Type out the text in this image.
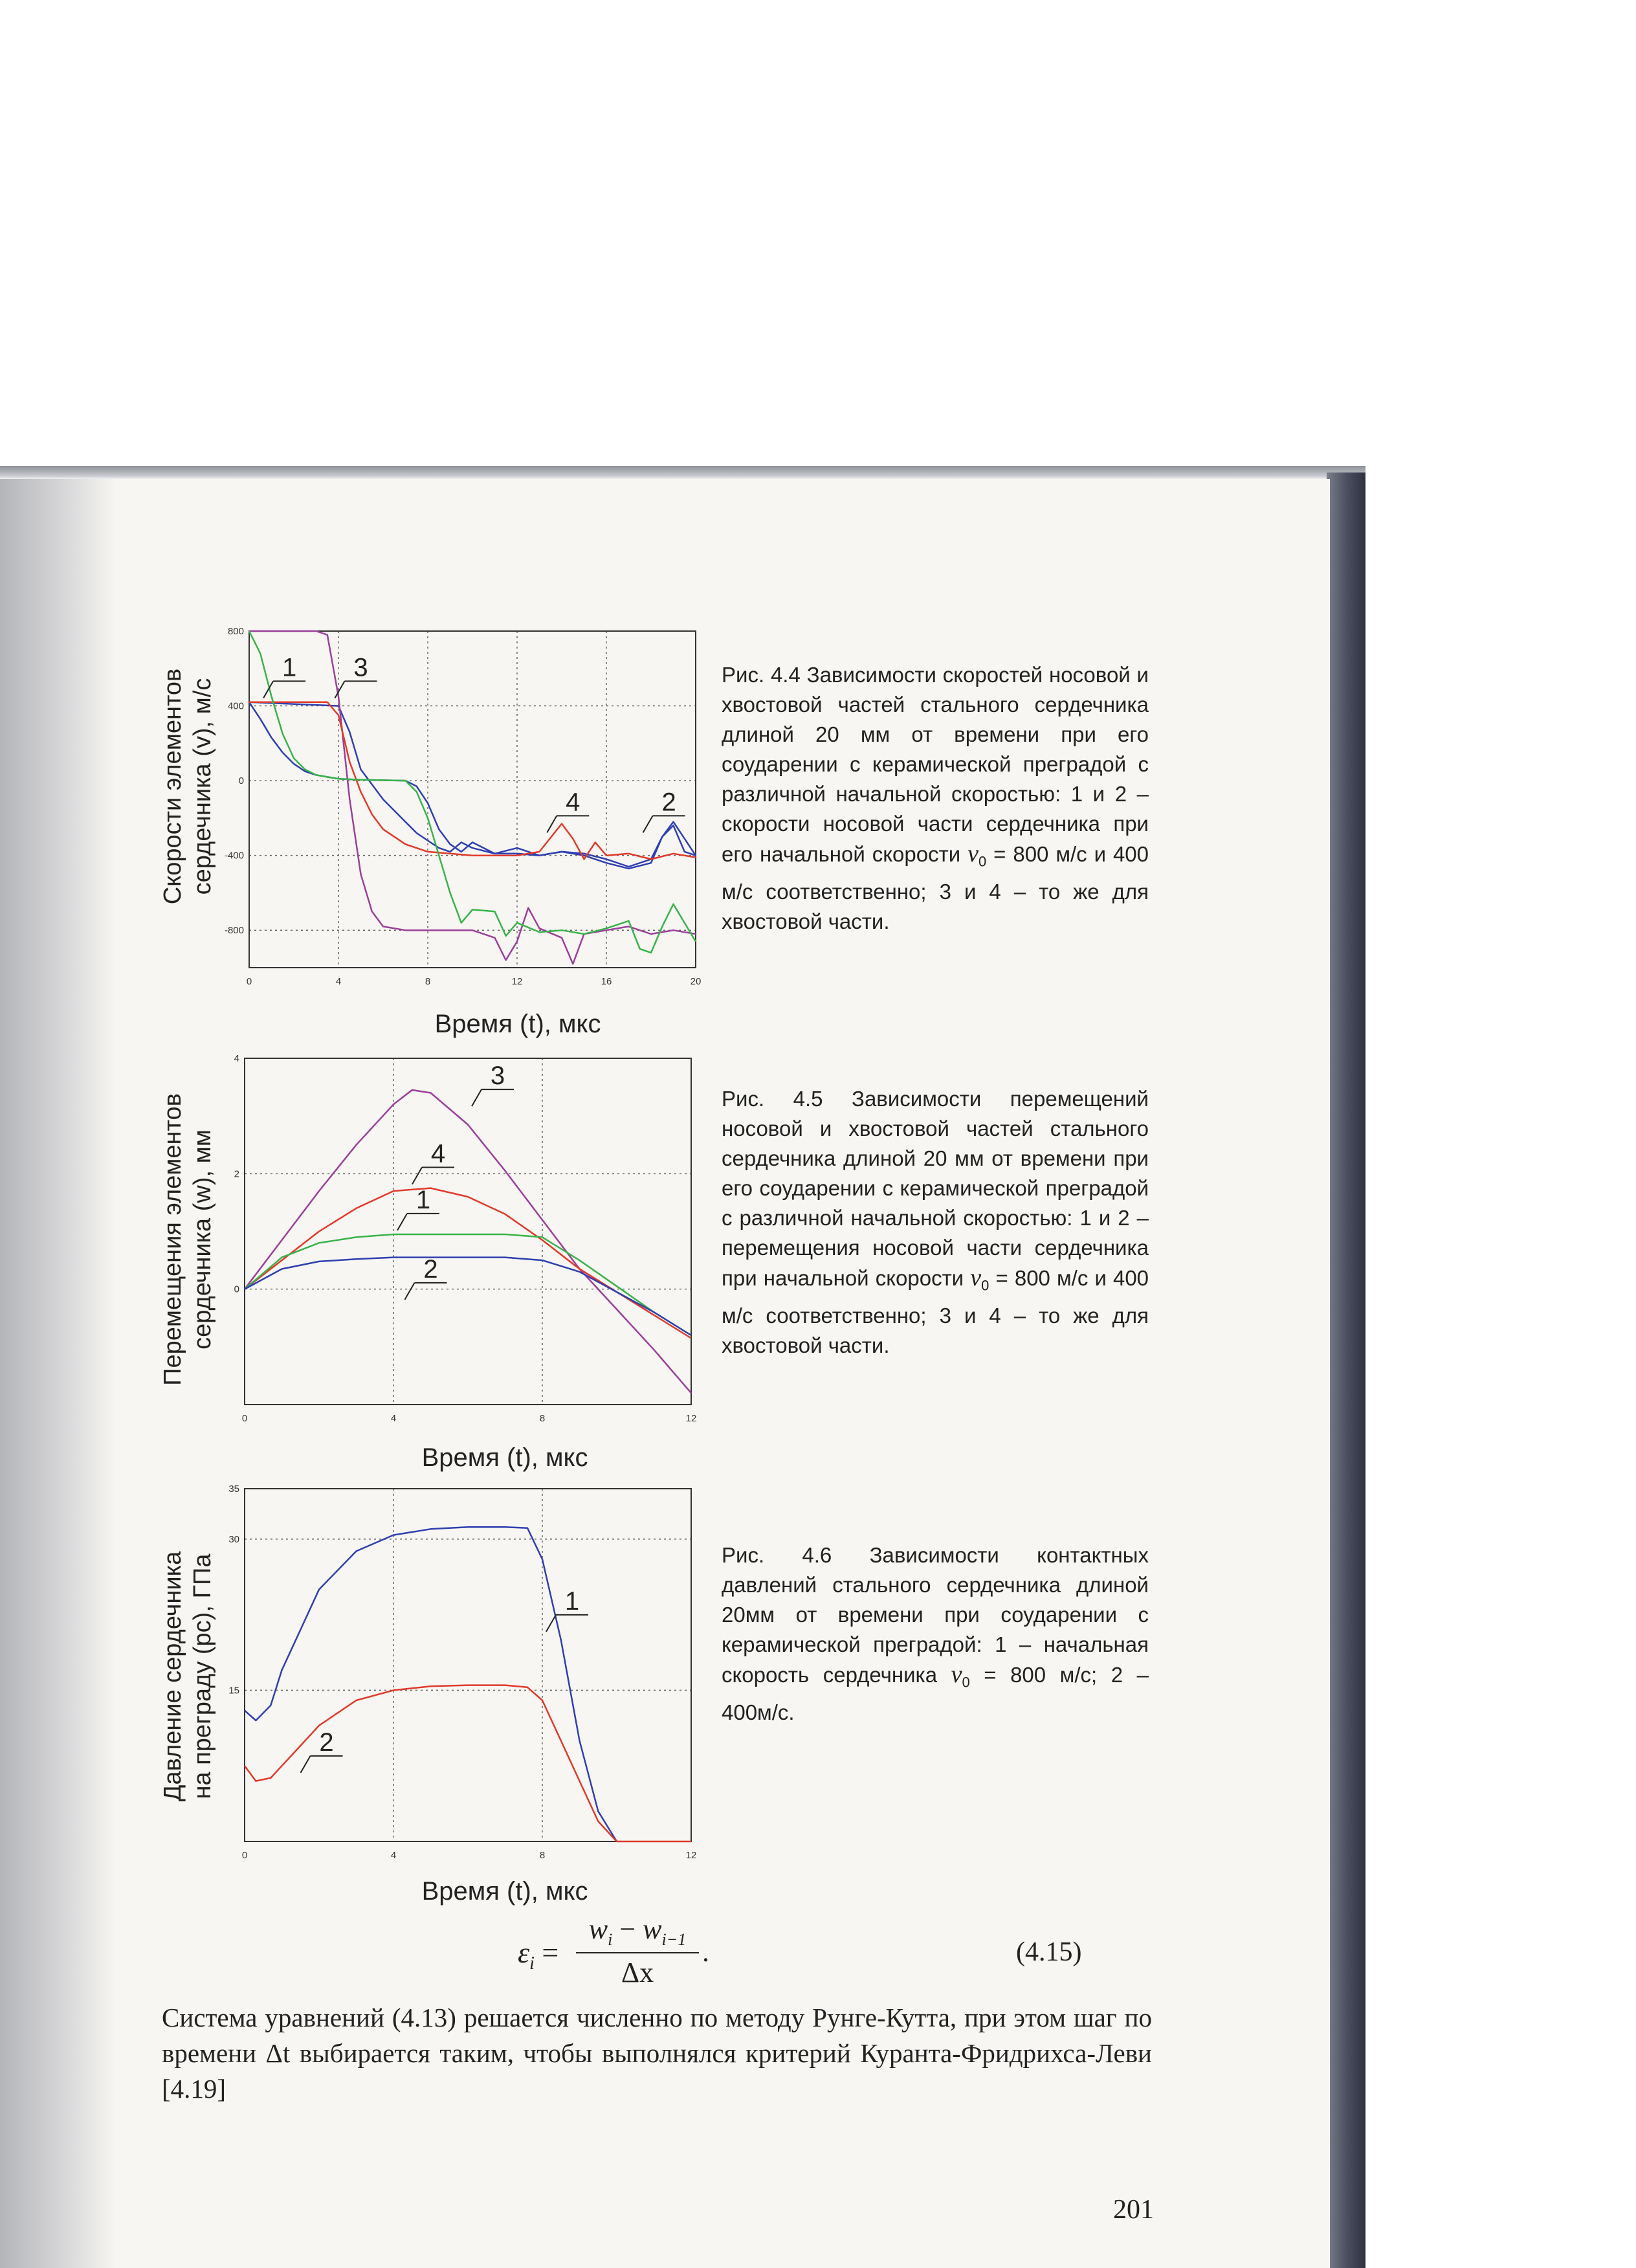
Скорости элементов сердечника (v), м/с
0	4	8	12	16	20
800
400
0
-400
-800
1 3
4	2
Время (t), мкс
Рис. 4.4 Зависимости скоростей носовой и хвостовой частей стального сердечника длиной 20 мм от времени при его соударении с керамической преградой с различной начальной скоростью: 1 и 2 – скорости носовой части сердечника при его начальной скорости $v_0 = 800$ м/с и 400 м/с соответственно; 3 и 4 – то же для хвостовой части.
Перемещения элементов сердечника (w), мм
0	4	8	12
4
2
0
3
4
1
2
Время (t), мкс
Рис. 4.5 Зависимости перемещений носовой и хвостовой частей стального сердечника длиной 20 мм от времени при его соударении с керамической преградой с различной начальной скоростью: 1 и 2 – перемещения носовой части сердечника при начальной скорости $v_0 = 800$ м/с и 400 м/с соответственно; 3 и 4 – то же для хвостовой части.
Давление сердечника на преграду (pc), ГПа
0	4	8	12
35
30
15
1
2
Время (t), мкс
Рис. 4.6 Зависимости контактных давлений стального сердечника длиной 20мм от времени при соударении с керамической преградой: 1 – начальная скорость сердечника $v_0 = 800$ м/с; 2 – 400м/с.
$\varepsilon_i = \frac{w_i - w_{i-1}}{\Delta x}$ .	(4.15)
Система уравнений (4.13) решается численно по методу Рунге-Кутта, при этом шаг по времени Δt выбирается таким, чтобы выполнялся критерий Куранта-Фридрихса-Леви [4.19]
201
